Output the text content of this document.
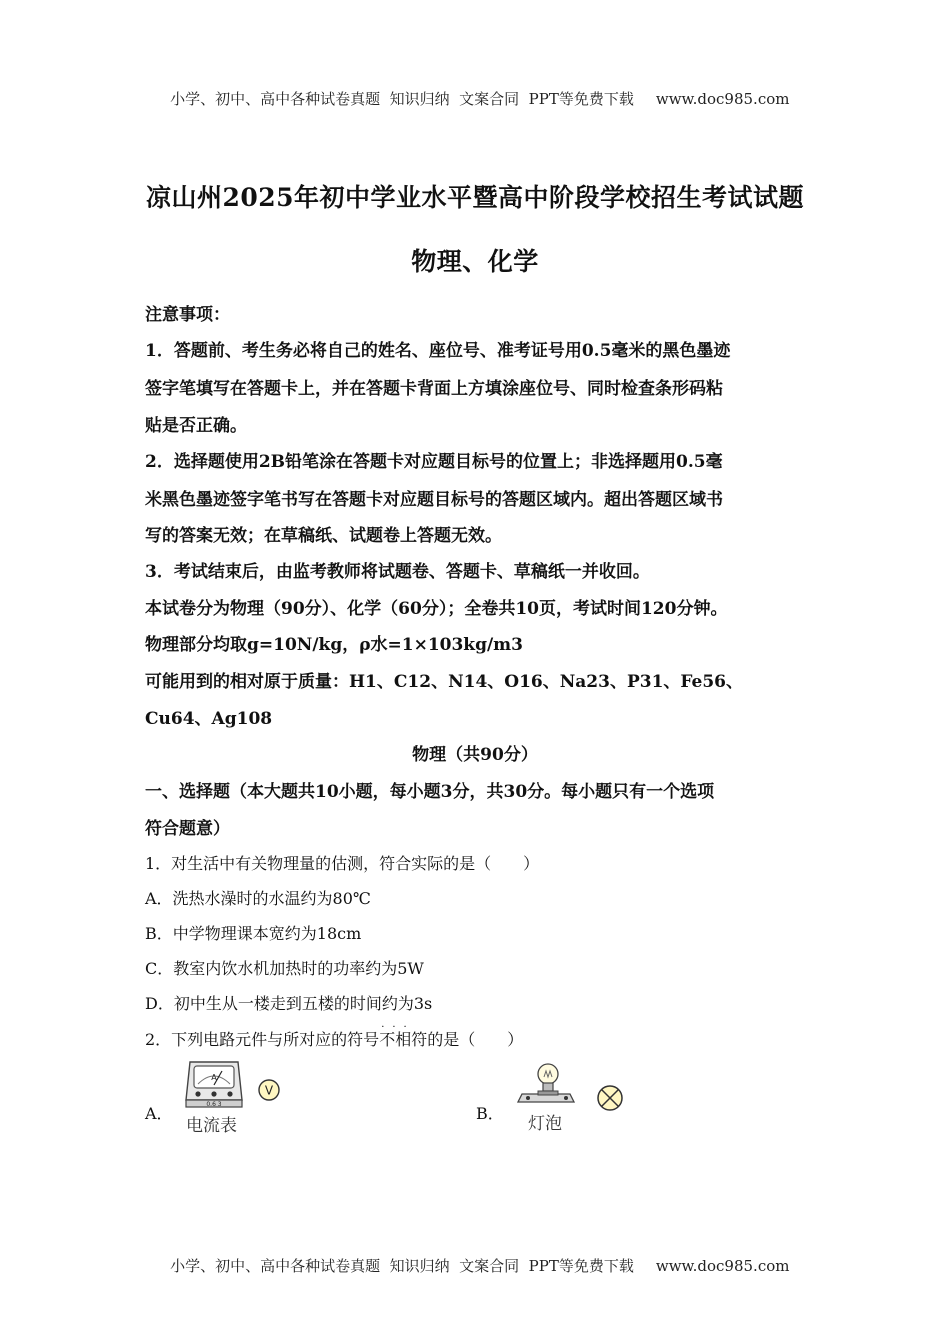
小学、初中、高中各种试卷真题  知识归纳  文案合同  PPT等免费下载 www.doc985.com

凉山州2025年初中学业水平暨高中阶段学校招生考试试题
物理、化学
注意事项：
1．答题前、考生务必将自己的姓名、座位号、准考证号用0.5毫米的黑色墨迹
签字笔填写在答题卡上，并在答题卡背面上方填涂座位号、同时检查条形码粘
贴是否正确。
2．选择题使用2B铅笔涂在答题卡对应题目标号的位置上；非选择题用0.5毫
米黑色墨迹签字笔书写在答题卡对应题目标号的答题区域内。超出答题区域书
写的答案无效；在草稿纸、试题卷上答题无效。
3．考试结束后，由监考教师将试题卷、答题卡、草稿纸一并收回。
本试卷分为物理（90分）、化学（60分）；全卷共10页，考试时间120分钟。
物理部分均取g=10N/kg，ρ水=1×103kg/m3
可能用到的相对原于质量：H1、C12、N14、O16、Na23、P31、Fe56、
Cu64、Ag108
物理（共90分）
一、选择题（本大题共10小题，每小题3分，共30分。每小题只有一个选项
符合题意）
1．对生活中有关物理量的估测，符合实际的是（　　）
A．洗热水澡时的水温约为80℃
B．中学物理课本宽约为18cm
C．教室内饮水机加热时的功率约为5W
D．初中生从一楼走到五楼的时间约为3s
2．下列电路元件与所对应的符号
···
不相符的是（　　）
A．
A
0.6 3
电流表
V
B．
灯泡

小学、初中、高中各种试卷真题  知识归纳  文案合同  PPT等免费下载 www.doc985.com
